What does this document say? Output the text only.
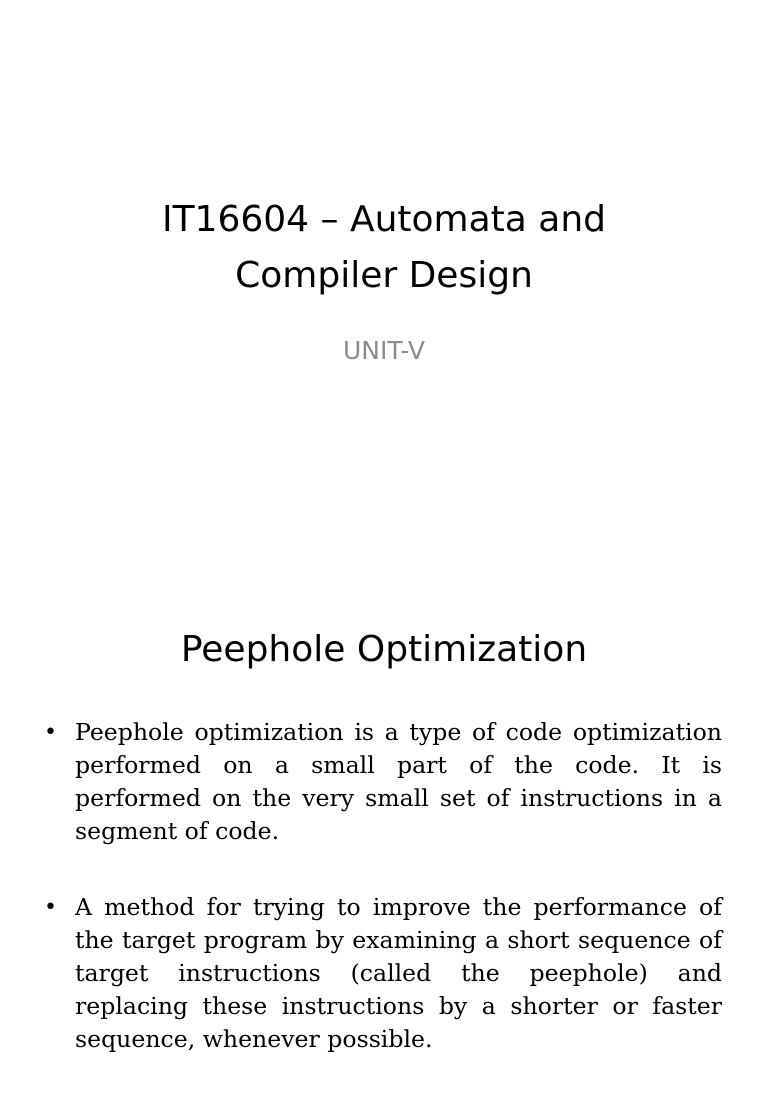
IT16604 – Automata and
Compiler Design

UNIT-V

Peephole Optimization
• Peephole optimization is a type of code optimization performed on a small part of the code. It is performed on the very small set of instructions in a segment of code.
• A method for trying to improve the performance of the target program by examining a short sequence of target instructions (called the peephole) and replacing these instructions by a shorter or faster sequence, whenever possible.
